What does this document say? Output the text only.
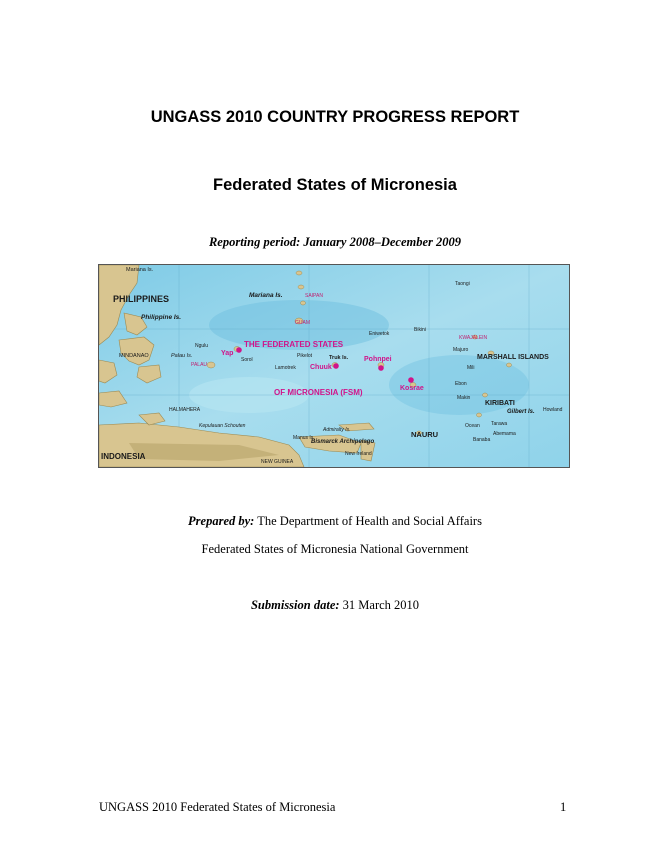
UNGASS 2010 COUNTRY PROGRESS REPORT
Federated States of Micronesia
Reporting period: January 2008–December 2009
Mariana Is.
PHILIPPINES
Philippine Is.
Mariana Is.	SAIPAN
GUAM
MINDANAO	Palau Is.
PALAU
HALMAHERA
THE FEDERATED STATES
OF MICRONESIA (FSM)
Yap
Chuuk
Truk Is. Pohnpei
Kosrae
MARSHALL ISLANDS
KIRIBATI
Gilbert Is.
NAURU
Bismarck Archipelago
Admiralty Is.
New Ireland
NEW GUINEA
INDONESIA
Kepulauan Schouten
Manus Is.
Howland
Tarawa
Abemama
Makin
Ebon
Mili
Majuro
Taongi
Bikini
Eniwetok
KWAJALEIN
Ngulu
Sorol
Lamotrek
Pikelot
Ocean
Banaba
Prepared by: The Department of Health and Social Affairs
Federated States of Micronesia National Government
Submission date: 31 March 2010
UNGASS 2010 Federated States of Micronesia	1
